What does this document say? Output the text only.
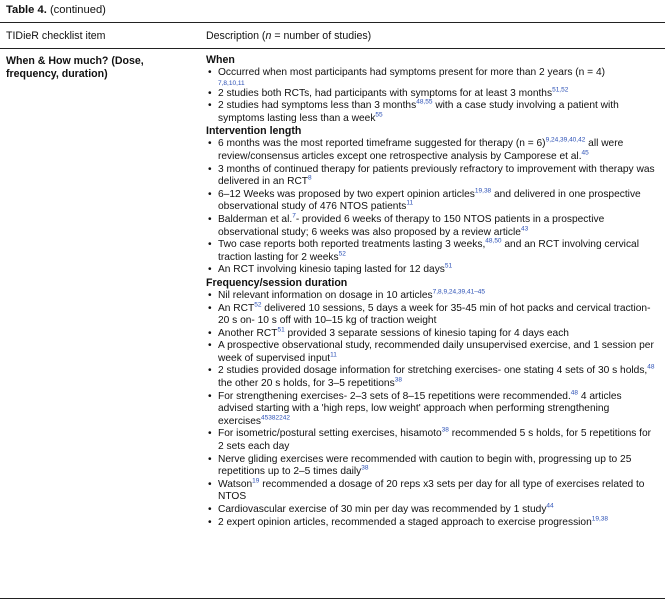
Table 4. (continued)
TIDieR checklist item	Description (n = number of studies)
When & How much? (Dose, frequency, duration)

When

• Occurred when most participants had symptoms present for more than 2 years (n = 4)
7,8,10,11
• 2 studies both RCTs, had participants with symptoms for at least 3 months$^{51,52}$
• 2 studies had symptoms less than 3 months$^{48,55}$ with a case study involving a patient with symptoms lasting less than a week$^{55}$

Intervention length

• 6 months was the most reported timeframe suggested for therapy (n = 6)$^{9,24,39,40,42}$ all were review/consensus articles except one retrospective analysis by Camporese et al.$^{45}$
• 3 months of continued therapy for patients previously refractory to improvement with therapy was delivered in an RCT$^8$
• 6–12 Weeks was proposed by two expert opinion articles$^{19,38}$ and delivered in one prospective observational study of 476 NTOS patients$^{11}$
• Balderman et al.$^7$- provided 6 weeks of therapy to 150 NTOS patients in a prospective observational study; 6 weeks was also proposed by a review article$^{43}$
• Two case reports both reported treatments lasting 3 weeks,$^{48,50}$ and an RCT involving cervical traction lasting for 2 weeks$^{52}$
• An RCT involving kinesio taping lasted for 12 days$^{51}$

Frequency/session duration

• Nil relevant information on dosage in 10 articles$^{7,8,9,24,39,41-45}$
• An RCT$^{52}$ delivered 10 sessions, 5 days a week for 35-45 min of hot packs and cervical traction- 20 s on- 10 s off with 10–15 kg of traction weight
• Another RCT$^{51}$ provided 3 separate sessions of kinesio taping for 4 days each
• A prospective observational study, recommended daily unsupervised exercise, and 1 session per week of supervised input$^{11}$
• 2 studies provided dosage information for stretching exercises- one stating 4 sets of 30 s holds,$^{48}$ the other 20 s holds, for 3–5 repetitions$^{38}$
• For strengthening exercises- 2–3 sets of 8–15 repetitions were recommended.$^{48}$ 4 articles advised starting with a 'high reps, low weight' approach when performing strengthening exercises$^{45382242}$
• For isometric/postural setting exercises, hisamoto$^{38}$ recommended 5 s holds, for 5 repetitions for 2 sets each day
• Nerve gliding exercises were recommended with caution to begin with, progressing up to 25 repetitions up to 2–5 times daily$^{38}$
• Watson$^{19}$ recommended a dosage of 20 reps x3 sets per day for all type of exercises related to NTOS
• Cardiovascular exercise of 30 min per day was recommended by 1 study$^{44}$
• 2 expert opinion articles, recommended a staged approach to exercise progression$^{19,38}$
